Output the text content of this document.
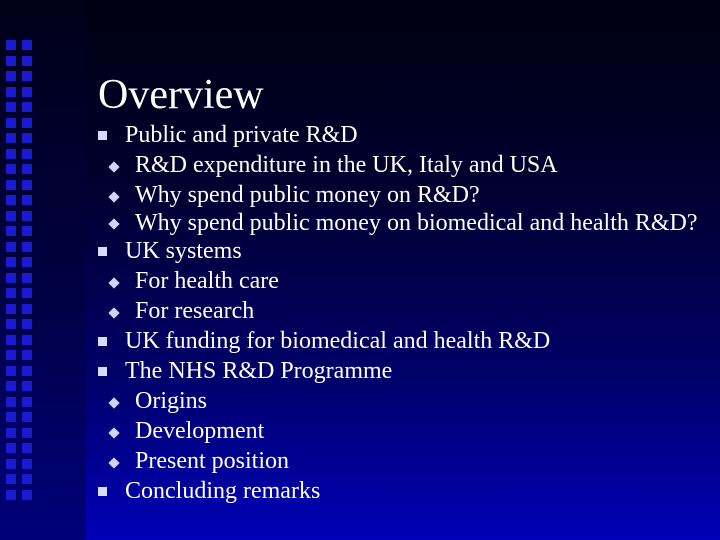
Overview
Public and private R&D
R&D expenditure in the UK, Italy and USA
Why spend public money on R&D?
Why spend public money on biomedical and health R&D?
UK systems
For health care
For research
UK funding for biomedical and health R&D
The NHS R&D Programme
Origins
Development
Present position
Concluding remarks
